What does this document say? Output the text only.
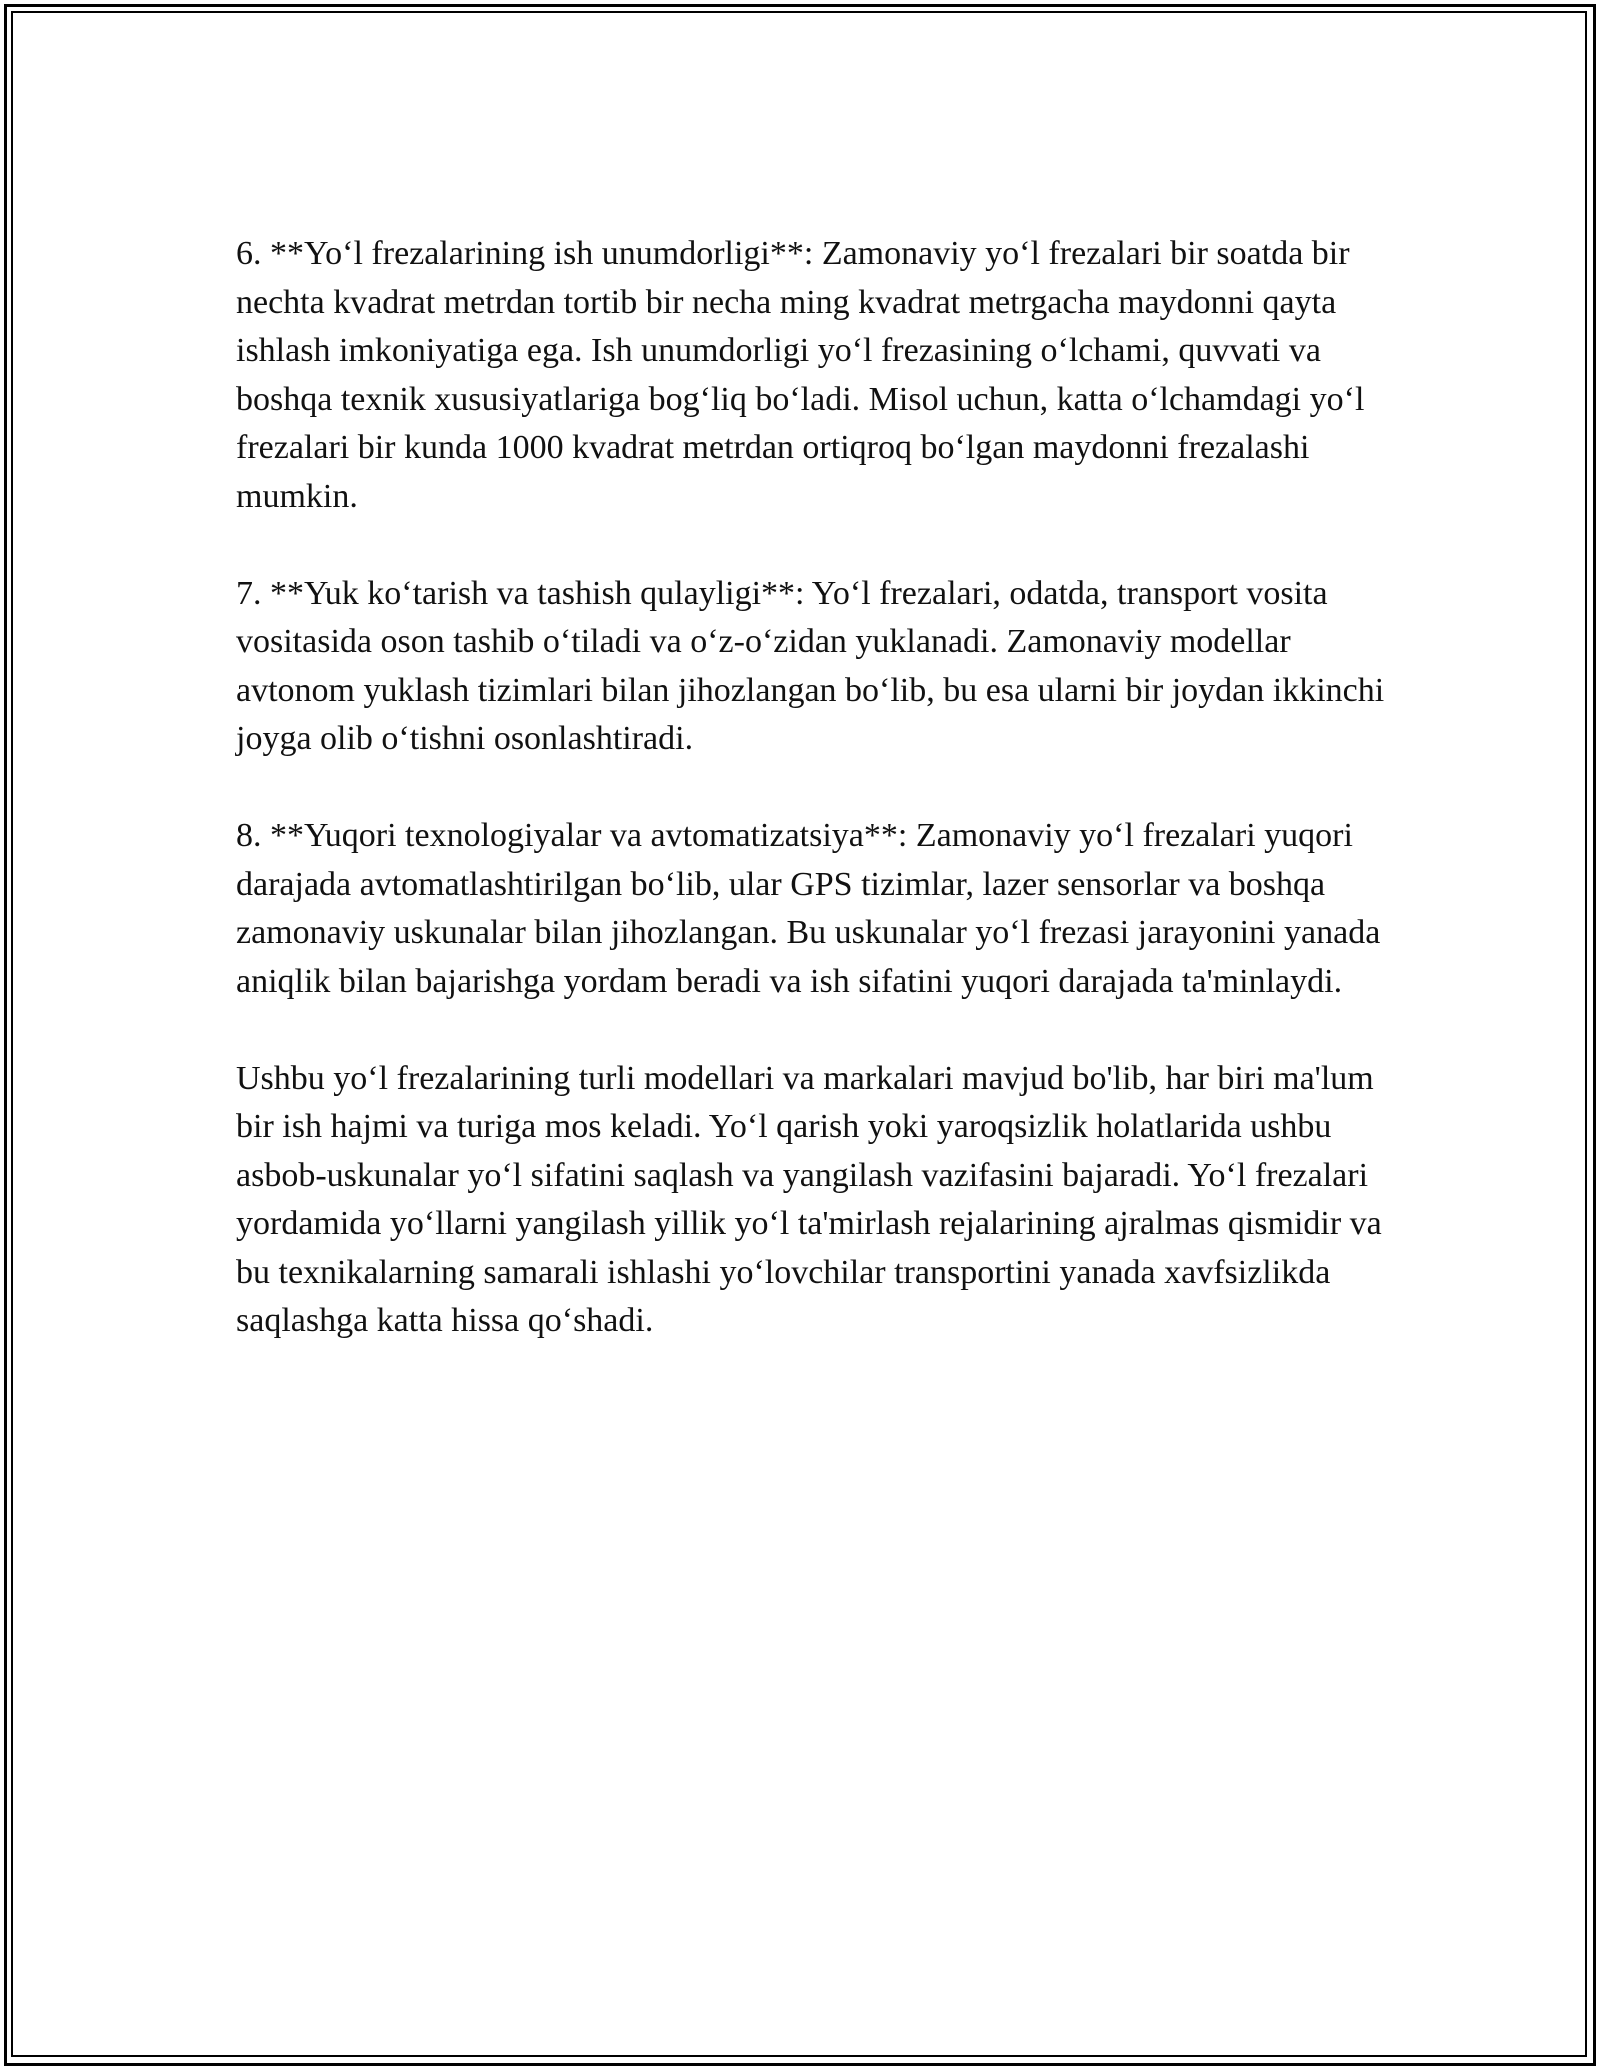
6. **Yo‘l frezalarining ish unumdorligi**: Zamonaviy yo‘l frezalari bir soatda bir nechta kvadrat metrdan tortib bir necha ming kvadrat metrgacha maydonni qayta ishlash imkoniyatiga ega. Ish unumdorligi yo‘l frezasining o‘lchami, quvvati va boshqa texnik xususiyatlariga bog‘liq bo‘ladi. Misol uchun, katta o‘lchamdagi yo‘l frezalari bir kunda 1000 kvadrat metrdan ortiqroq bo‘lgan maydonni frezalashi mumkin.

7. **Yuk ko‘tarish va tashish qulayligi**: Yo‘l frezalari, odatda, transport vosita vositasida oson tashib o‘tiladi va o‘z-o‘zidan yuklanadi. Zamonaviy modellar avtonom yuklash tizimlari bilan jihozlangan bo‘lib, bu esa ularni bir joydan ikkinchi joyga olib o‘tishni osonlashtiradi.

8. **Yuqori texnologiyalar va avtomatizatsiya**: Zamonaviy yo‘l frezalari yuqori darajada avtomatlashtirilgan bo‘lib, ular GPS tizimlar, lazer sensorlar va boshqa zamonaviy uskunalar bilan jihozlangan. Bu uskunalar yo‘l frezasi jarayonini yanada aniqlik bilan bajarishga yordam beradi va ish sifatini yuqori darajada ta'minlaydi.

Ushbu yo‘l frezalarining turli modellari va markalari mavjud bo'lib, har biri ma'lum bir ish hajmi va turiga mos keladi. Yo‘l qarish yoki yaroqsizlik holatlarida ushbu asbob-uskunalar yo‘l sifatini saqlash va yangilash vazifasini bajaradi. Yo‘l frezalari yordamida yo‘llarni yangilash yillik yo‘l ta'mirlash rejalarining ajralmas qismidir va bu texnikalarning samarali ishlashi yo‘lovchilar transportini yanada xavfsizlikda saqlashga katta hissa qo‘shadi.
